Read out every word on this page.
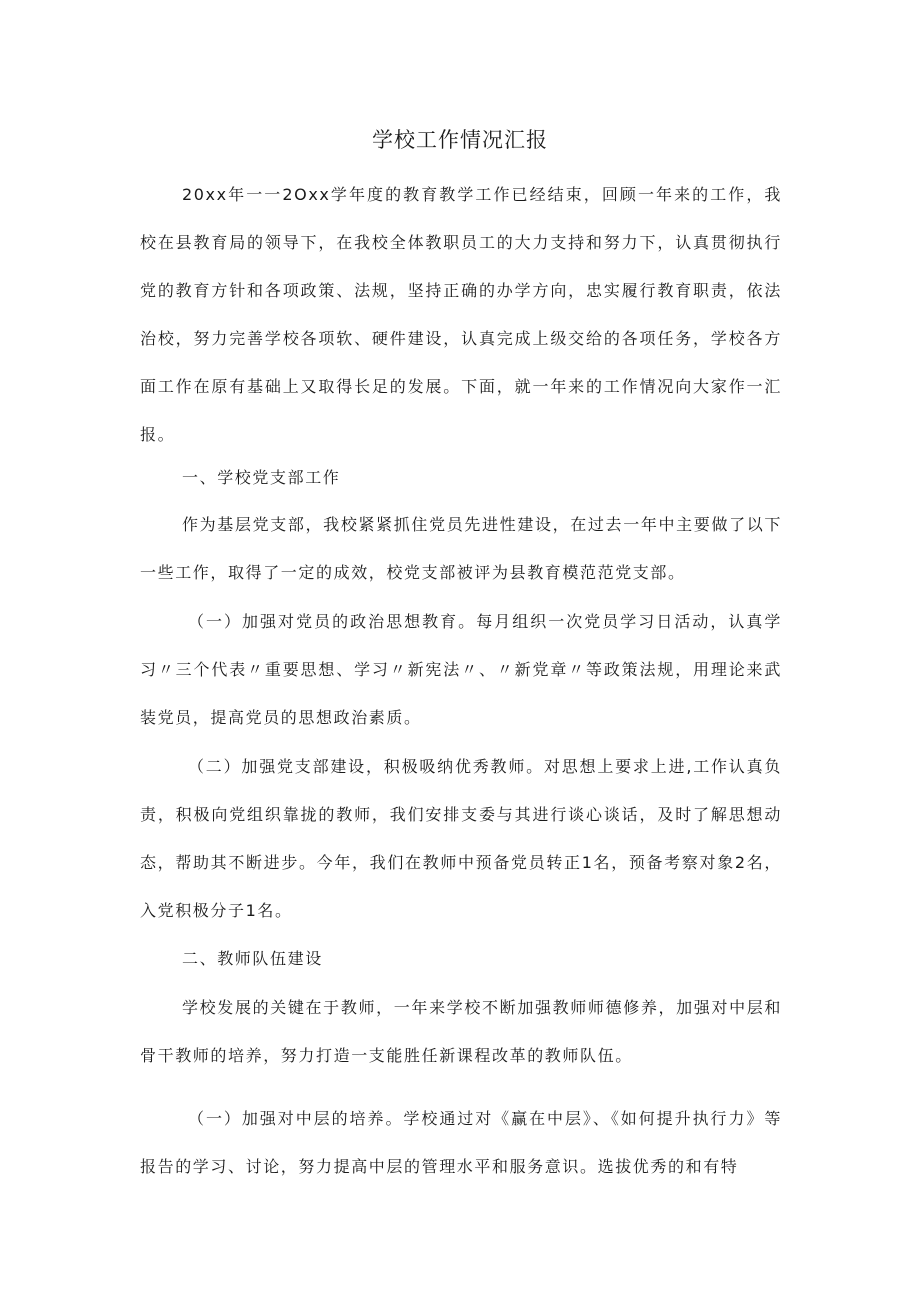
学校工作情况汇报

20xx年一一2Oxx学年度的教育教学工作已经结束，回顾一年来的工作，我校在县教育局的领导下，在我校全体教职员工的大力支持和努力下，认真贯彻执行党的教育方针和各项政策、法规，坚持正确的办学方向，忠实履行教育职责，依法治校，努力完善学校各项软、硬件建设，认真完成上级交给的各项任务，学校各方面工作在原有基础上又取得长足的发展。下面，就一年来的工作情况向大家作一汇报。

一、学校党支部工作

作为基层党支部，我校紧紧抓住党员先进性建设，在过去一年中主要做了以下一些工作，取得了一定的成效，校党支部被评为县教育模范范党支部。

（一）加强对党员的政治思想教育。每月组织一次党员学习日活动，认真学习〃三个代表〃重要思想、学习〃新宪法〃、〃新党章〃等政策法规，用理论来武装党员，提高党员的思想政治素质。

（二）加强党支部建设，积极吸纳优秀教师。对思想上要求上进,工作认真负责，积极向党组织靠拢的教师，我们安排支委与其进行谈心谈话，及时了解思想动态，帮助其不断进步。今年，我们在教师中预备党员转正1名，预备考察对象2名，入党积极分子1名。

二、教师队伍建设

学校发展的关键在于教师，一年来学校不断加强教师师德修养，加强对中层和骨干教师的培养，努力打造一支能胜任新课程改革的教师队伍。

（一）加强对中层的培养。学校通过对《赢在中层》、《如何提升执行力》等报告的学习、讨论，努力提高中层的管理水平和服务意识。选拔优秀的和有特
